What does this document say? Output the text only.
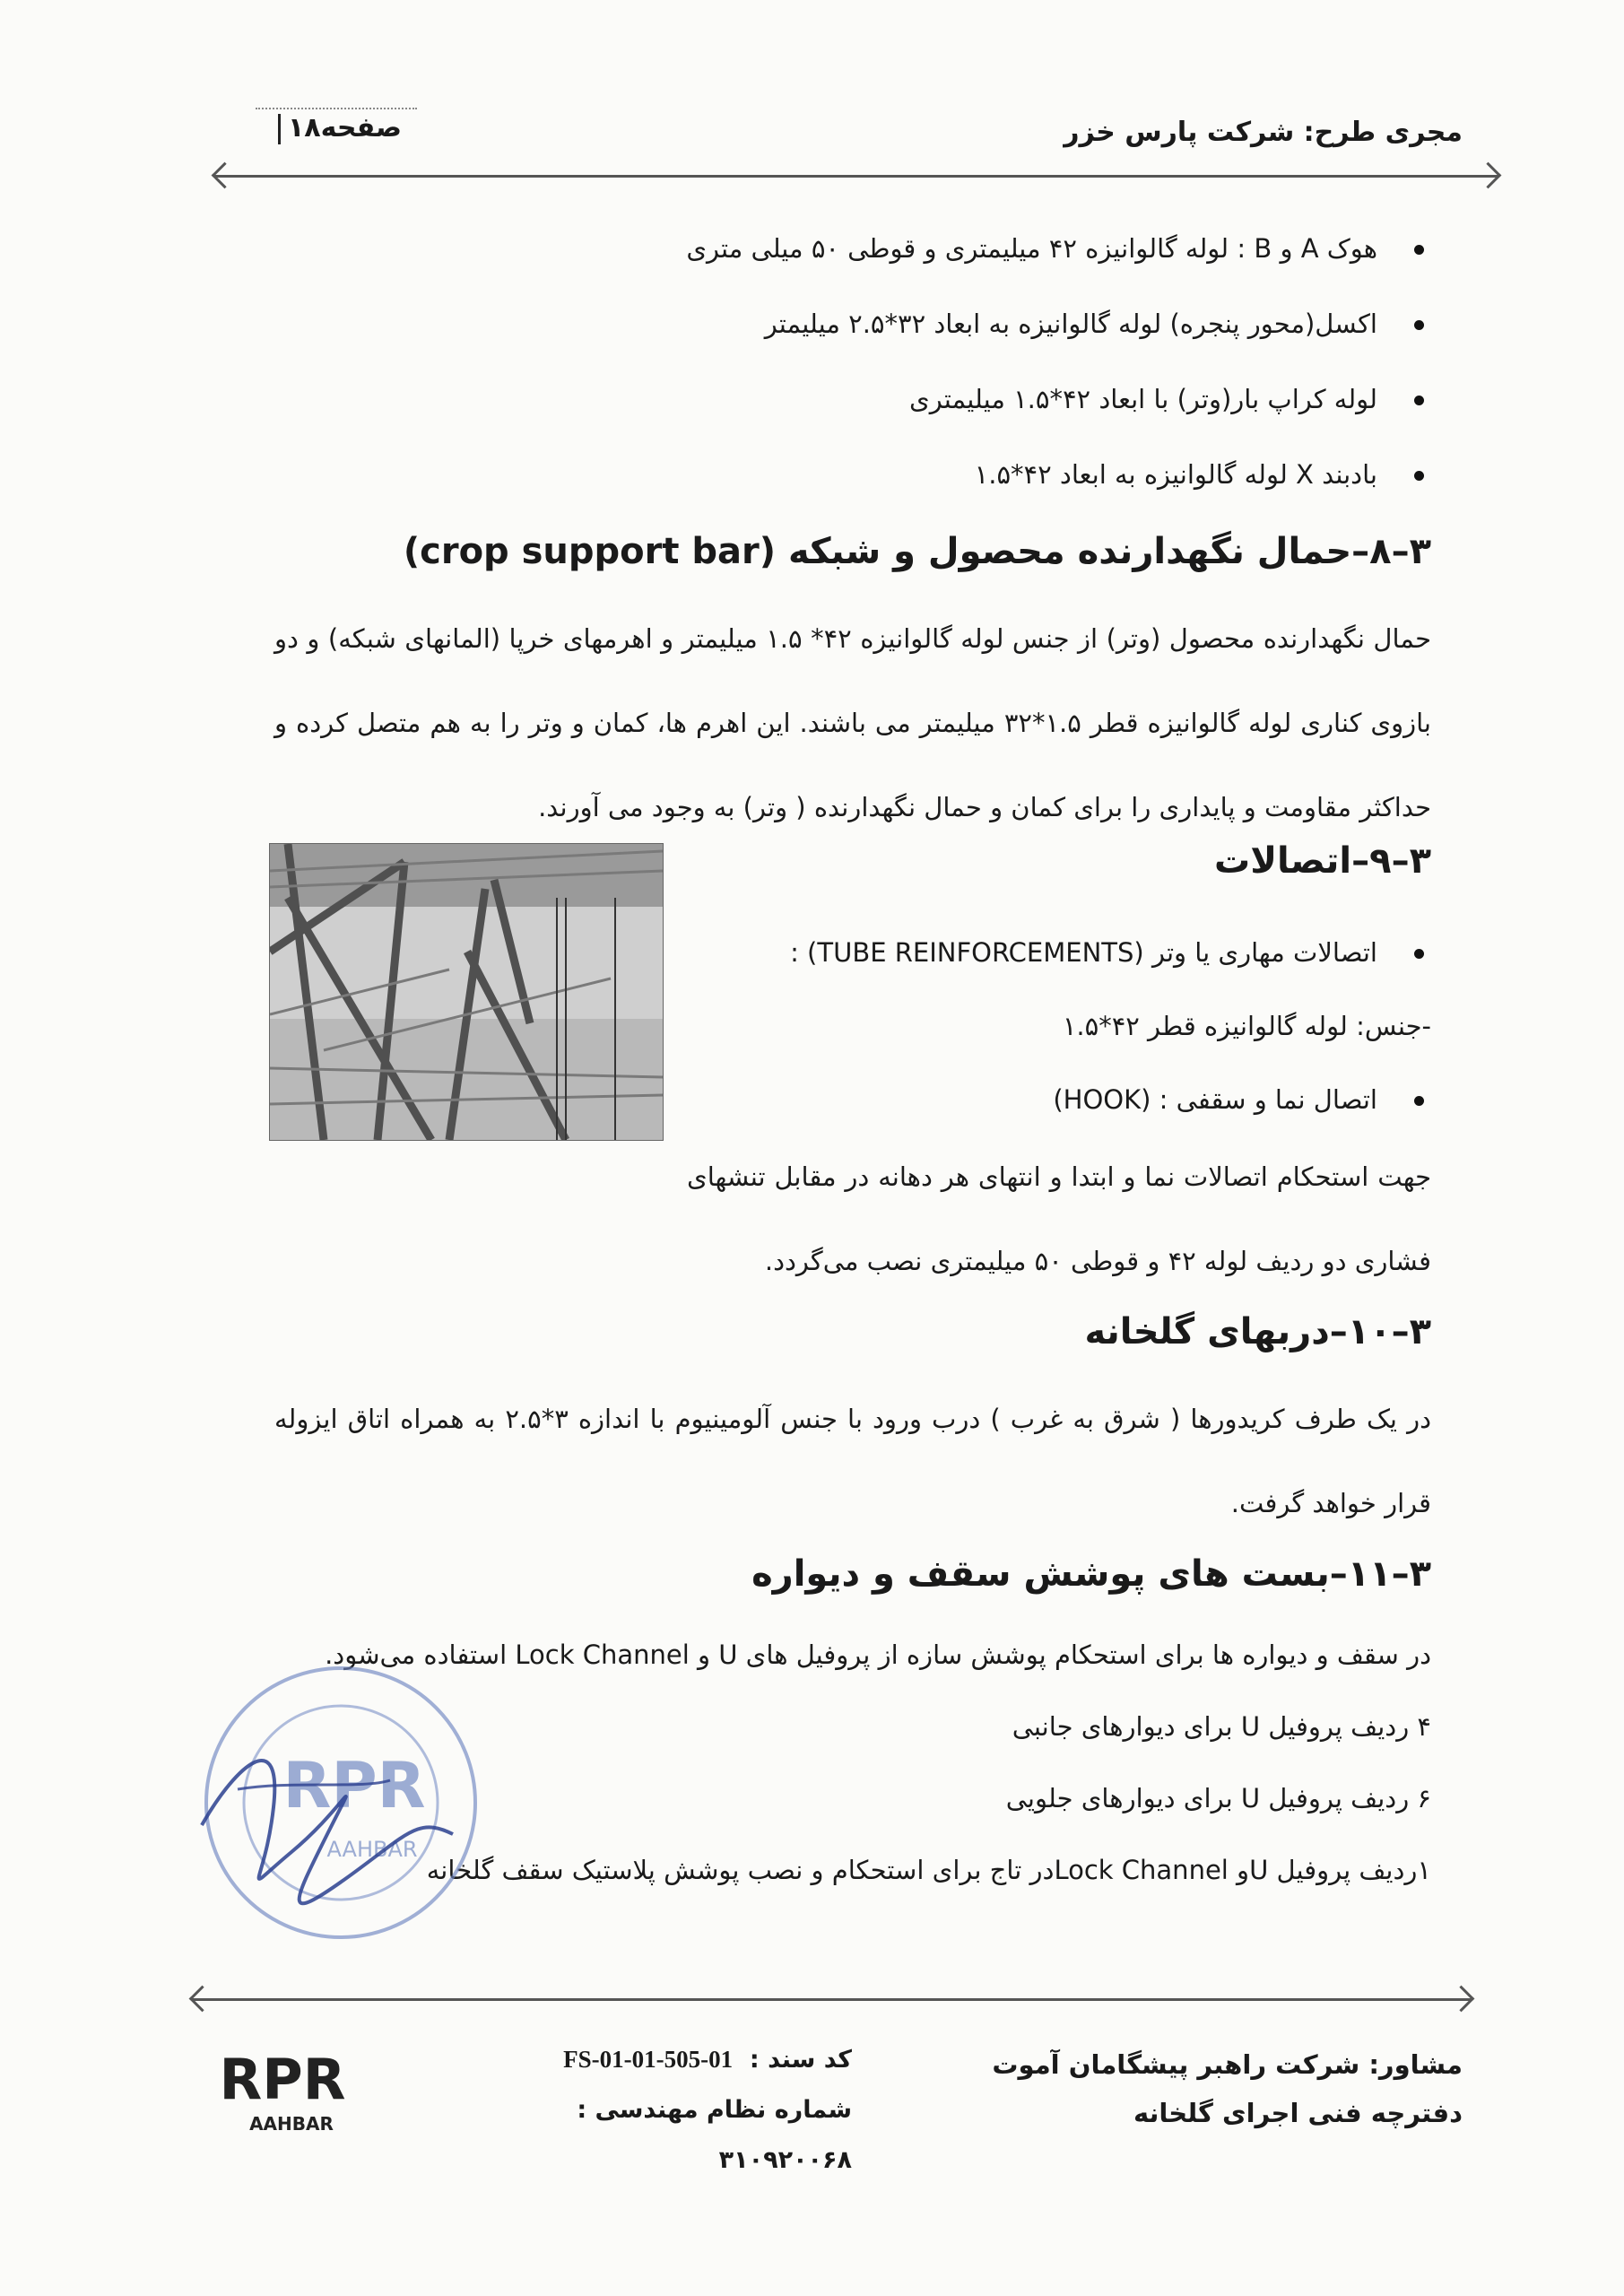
مجری طرح: شرکت پارس خزر
صفحه۱۸
هوک A و B : لوله گالوانیزه ۴۲ میلیمتری و قوطی ۵۰ میلی متری
اکسل(محور پنجره) لوله گالوانیزه به ابعاد ۳۲*۲.۵ میلیمتر
لوله کراپ بار(وتر) با ابعاد ۴۲*۱.۵ میلیمتری
بادبند X لوله گالوانیزه به ابعاد ۴۲*۱.۵
۳–۸–حمال نگهدارنده محصول و شبکه (crop support bar)
حمال نگهدارنده محصول (وتر) از جنس لوله گالوانیزه ۴۲* ۱.۵ میلیمتر و اهرمهای خرپا (المانهای شبکه) و دو بازوی کناری لوله گالوانیزه قطر ۱.۵*۳۲ میلیمتر می باشند. این اهرم ها، کمان و وتر را به هم متصل کرده و حداکثر مقاومت و پایداری را برای کمان و حمال نگهدارنده ( وتر) به وجود می آورند.
۳–۹–اتصالات
اتصالات مهاری یا وتر (TUBE REINFORCEMENTS) :
-جنس: لوله گالوانیزه قطر ۴۲*۱.۵
اتصال نما و سقفی : (HOOK)
جهت استحکام اتصالات نما و ابتدا و انتهای هر دهانه در مقابل تنشهای فشاری دو ردیف لوله ۴۲ و قوطی ۵۰ میلیمتری نصب می‌گردد.
۳–۱۰–دربهای گلخانه
در یک طرف کریدورها ( شرق به غرب ) درب ورود با جنس آلومینیوم با اندازه ۳*۲.۵ به همراه اتاق ایزوله قرار خواهد گرفت.
۳–۱۱–بست های پوشش سقف و دیواره
در سقف و دیواره ها برای استحکام پوشش سازه از پروفیل های U و Lock Channel استفاده می‌شود.
۴ ردیف پروفیل U برای دیوارهای جانبی
۶ ردیف پروفیل U برای دیوارهای جلویی
۱ردیف پروفیل Uو Lock Channelدر تاج برای استحکام و نصب پوشش پلاستیک سقف گلخانه
RPR
AAHBAR
RPR
AAHBAR
کد سند :  FS-01-01-505-01
شماره نظام مهندسی : ۳۱۰۹۲۰۰۶۸
مشاور: شرکت راهبر پیشگامان آموت
دفترچه فنی اجرای گلخانه
